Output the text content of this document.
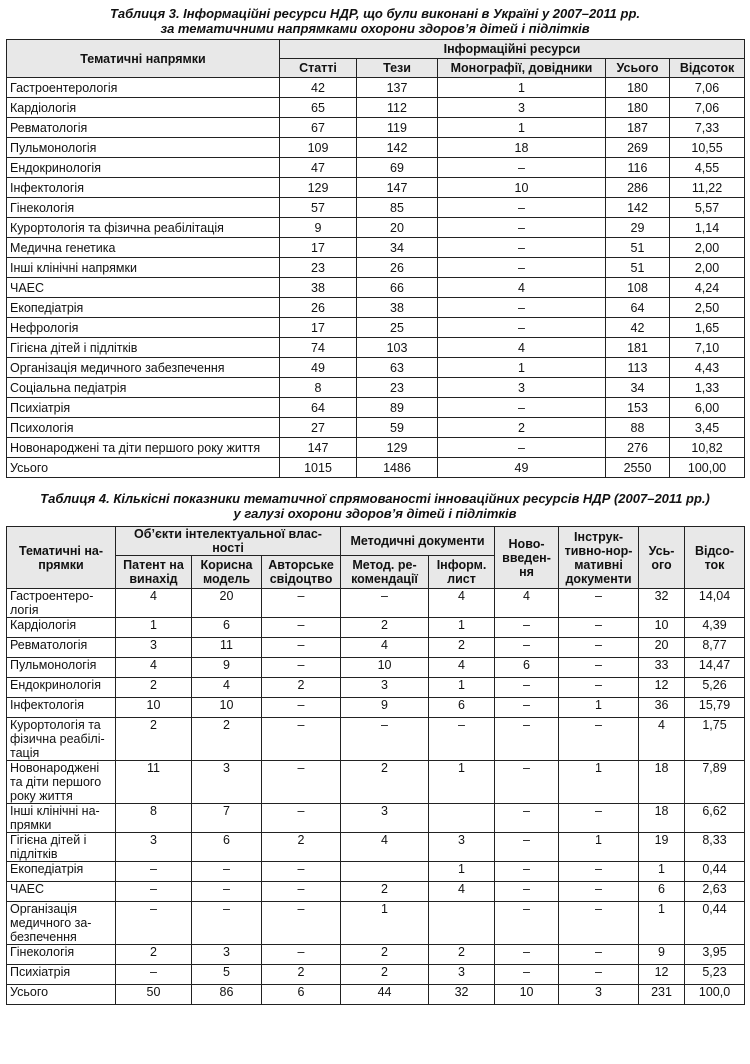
Таблиця 3. Інформаційні ресурси НДР, що були виконані в Україні у 2007–2011 рр.

за тематичними напрямками охорони здоров’я дітей і підлітків

Тематичні напрямки	Інформаційні ресурси				
	Статті	Тези	Монографії, довідники	Усього	Відсоток
Гастроентерологія	42	137	1	180	7,06
Кардіологія	65	112	3	180	7,06
Ревматологія	67	119	1	187	7,33
Пульмонологія	109	142	18	269	10,55
Ендокринологія	47	69	–	116	4,55
Інфектологія	129	147	10	286	11,22
Гінекологія	57	85	–	142	5,57
Курортологія та фізична реабілітація	9	20	–	29	1,14
Медична генетика	17	34	–	51	2,00
Інші клінічні напрямки	23	26	–	51	2,00
ЧАЕС	38	66	4	108	4,24
Екопедіатрія	26	38	–	64	2,50
Нефрологія	17	25	–	42	1,65
Гігієна дітей і підлітків	74	103	4	181	7,10
Організація медичного забезпечення	49	63	1	113	4,43
Соціальна педіатрія	8	23	3	34	1,33
Психіатрія	64	89	–	153	6,00
Психологія	27	59	2	88	3,45
Новонароджені та діти першого року життя	147	129	–	276	10,82
Усього	1015	1486	49	2550	100,00

Таблиця 4. Кількісні показники тематичної спрямованості інноваційних ресурсів НДР (2007–2011 рр.)

у галузі охорони здоров’я дітей і підлітків

Тематичні на-прямки	Об’єкти інтелектуальної влас-ності			Методичні документи		Ново-введен-ня	Інструк-тивно-нор-мативні документи	Усь-ого	Відсо-ток
	Патент на винахід	Корисна модель	Авторське свідоцтво	Метод. ре-комендації	Інформ. лист				
Гастроентеро-логія	4	20	–	–	4	4	–	32	14,04
Кардіологія	1	6	–	2	1	–	–	10	4,39
Ревматологія	3	11	–	4	2	–	–	20	8,77
Пульмонологія	4	9	–	10	4	6	–	33	14,47
Ендокринологія	2	4	2	3	1	–	–	12	5,26
Інфектологія	10	10	–	9	6	–	1	36	15,79
Курортологія та фізична реабілі-тація	2	2	–	–	–	–	–	4	1,75
Новонароджені та діти першого року життя	11	3	–	2	1	–	1	18	7,89
Інші клінічні на-прямки	8	7	–	3		–	–	18	6,62
Гігієна дітей і підлітків	3	6	2	4	3	–	1	19	8,33
Екопедіатрія	–	–	–		1	–	–	1	0,44
ЧАЕС	–	–	–	2	4	–	–	6	2,63
Організація медичного за-безпечення	–	–	–	1		–	–	1	0,44
Гінекологія	2	3	–	2	2	–	–	9	3,95
Психіатрія	–	5	2	2	3	–	–	12	5,23
Усього	50	86	6	44	32	10	3	231	100,0
